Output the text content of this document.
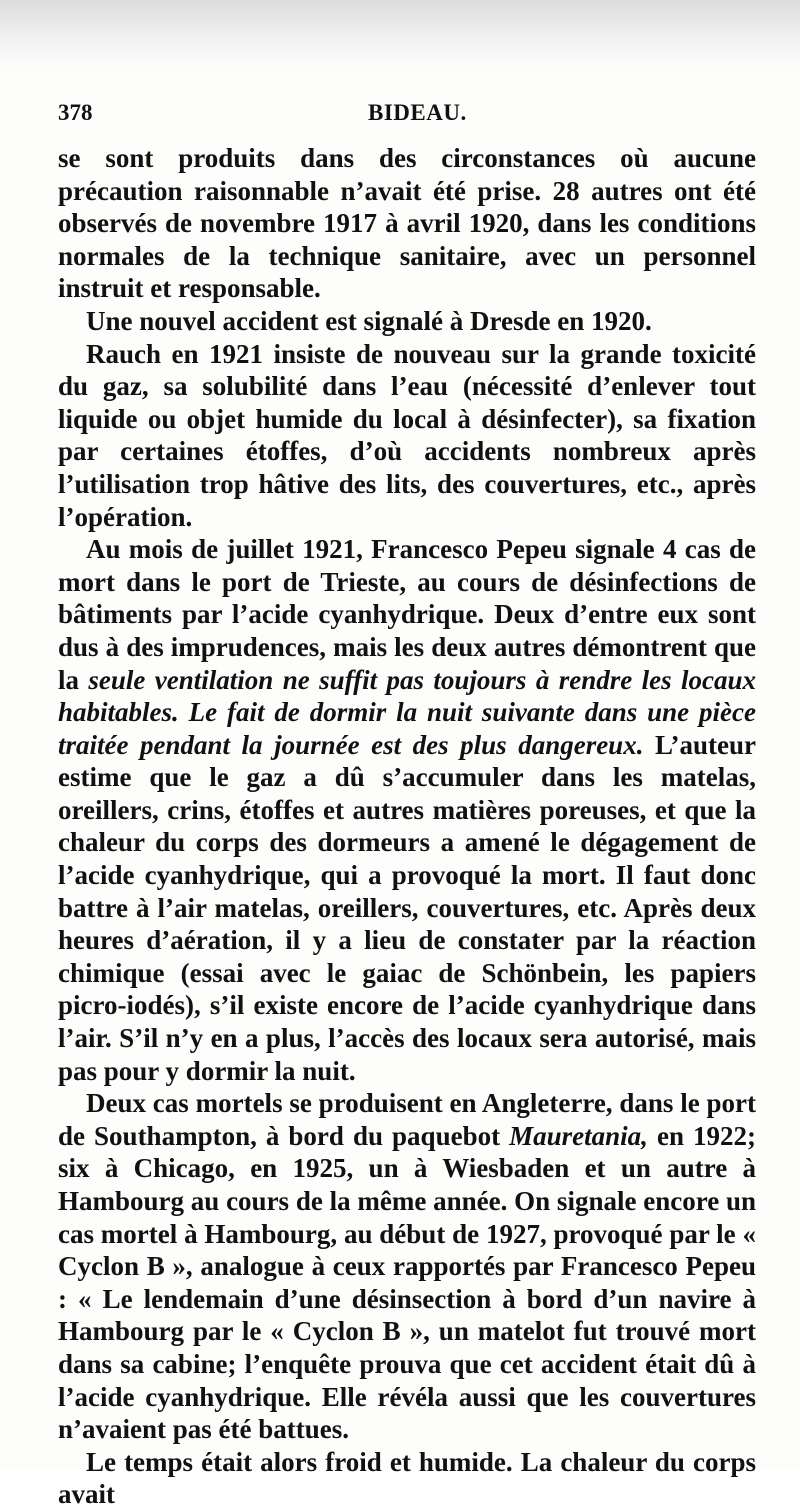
378	BIDEAU.

se sont produits dans des circonstances où aucune précaution raisonnable n’avait été prise. 28 autres ont été observés de novembre 1917 à avril 1920, dans les conditions normales de la technique sanitaire, avec un personnel instruit et responsable.

Une nouvel accident est signalé à Dresde en 1920.

Rauch en 1921 insiste de nouveau sur la grande toxicité du gaz, sa solubilité dans l’eau (nécessité d’enlever tout liquide ou objet humide du local à désinfecter), sa fixation par certaines étoffes, d’où accidents nombreux après l’utilisation trop hâtive des lits, des couvertures, etc., après l’opération.

Au mois de juillet 1921, Francesco Pepeu signale 4 cas de mort dans le port de Trieste, au cours de désinfections de bâtiments par l’acide cyanhydrique. Deux d’entre eux sont dus à des imprudences, mais les deux autres démontrent que la seule ventilation ne suffit pas toujours à rendre les locaux habitables. Le fait de dormir la nuit suivante dans une pièce traitée pendant la journée est des plus dangereux. L’auteur estime que le gaz a dû s’accumuler dans les matelas, oreillers, crins, étoffes et autres matières poreuses, et que la chaleur du corps des dormeurs a amené le dégagement de l’acide cyanhydrique, qui a provoqué la mort. Il faut donc battre à l’air matelas, oreillers, couvertures, etc. Après deux heures d’aération, il y a lieu de constater par la réaction chimique (essai avec le gaiac de Schönbein, les papiers picro-iodés), s’il existe encore de l’acide cyanhydrique dans l’air. S’il n’y en a plus, l’accès des locaux sera autorisé, mais pas pour y dormir la nuit.

Deux cas mortels se produisent en Angleterre, dans le port de Southampton, à bord du paquebot Mauretania, en 1922; six à Chicago, en 1925, un à Wiesbaden et un autre à Hambourg au cours de la même année. On signale encore un cas mortel à Hambourg, au début de 1927, provoqué par le « Cyclon B », analogue à ceux rapportés par Francesco Pepeu : « Le lendemain d’une désinsection à bord d’un navire à Hambourg par le « Cyclon B », un matelot fut trouvé mort dans sa cabine; l’enquête prouva que cet accident était dû à l’acide cyanhydrique. Elle révéla aussi que les couvertures n’avaient pas été battues.

Le temps était alors froid et humide. La chaleur du corps avait
